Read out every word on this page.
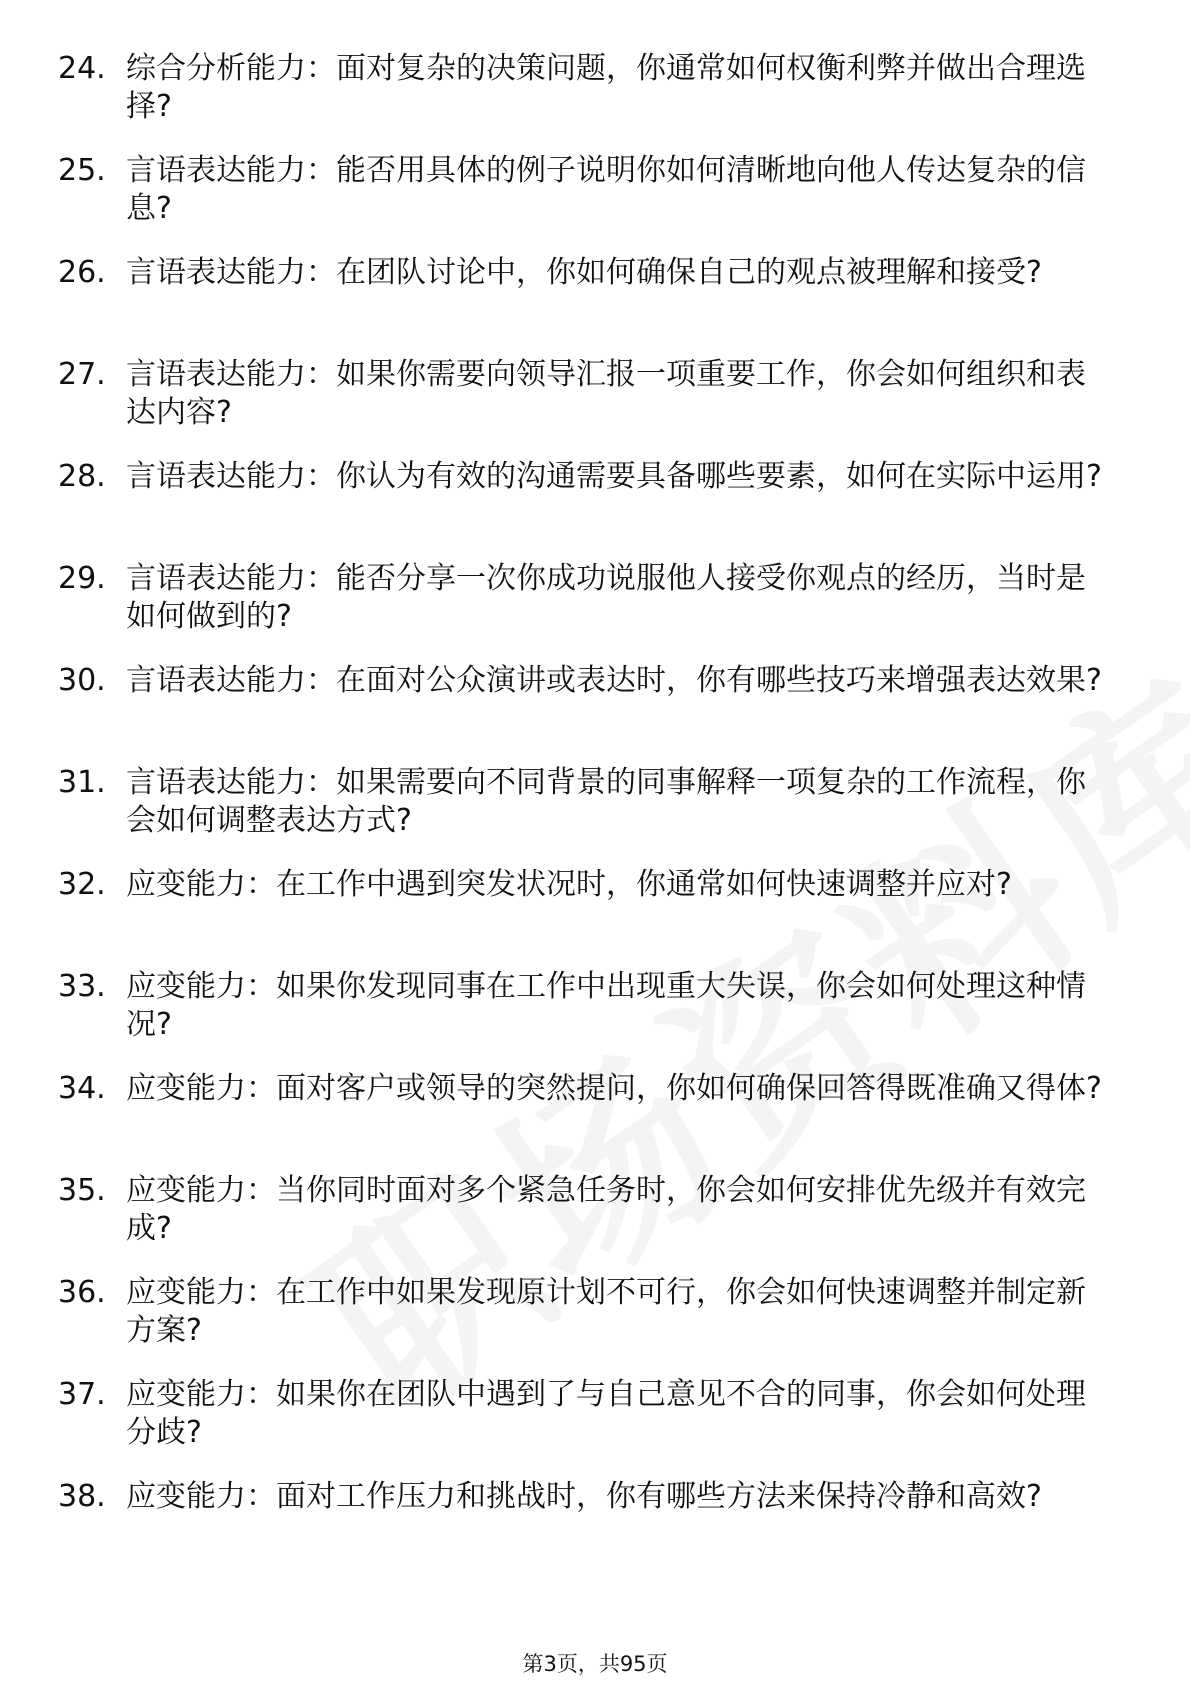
24. 综合分析能力：面对复杂的决策问题，你通常如何权衡利弊并做出合理选择?
25. 言语表达能力：能否用具体的例子说明你如何清晰地向他人传达复杂的信息?
26. 言语表达能力：在团队讨论中，你如何确保自己的观点被理解和接受?
27. 言语表达能力：如果你需要向领导汇报一项重要工作，你会如何组织和表达内容?
28. 言语表达能力：你认为有效的沟通需要具备哪些要素，如何在实际中运用?
29. 言语表达能力：能否分享一次你成功说服他人接受你观点的经历，当时是如何做到的?
30. 言语表达能力：在面对公众演讲或表达时，你有哪些技巧来增强表达效果?
31. 言语表达能力：如果需要向不同背景的同事解释一项复杂的工作流程，你会如何调整表达方式?
32. 应变能力：在工作中遇到突发状况时，你通常如何快速调整并应对?
33. 应变能力：如果你发现同事在工作中出现重大失误，你会如何处理这种情况?
34. 应变能力：面对客户或领导的突然提问，你如何确保回答得既准确又得体?
35. 应变能力：当你同时面对多个紧急任务时，你会如何安排优先级并有效完成?
36. 应变能力：在工作中如果发现原计划不可行，你会如何快速调整并制定新方案?
37. 应变能力：如果你在团队中遇到了与自己意见不合的同事，你会如何处理分歧?
38. 应变能力：面对工作压力和挑战时，你有哪些方法来保持冷静和高效?
第3页，共95页
